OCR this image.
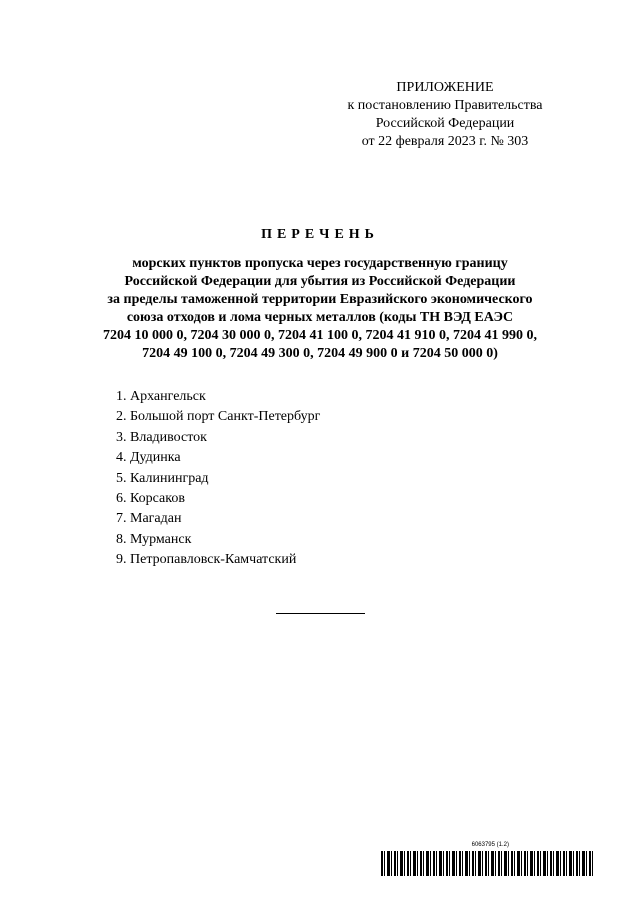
ПРИЛОЖЕНИЕ
к постановлению Правительства
Российской Федерации
от 22 февраля 2023 г. № 303
ПЕРЕЧЕНЬ
морских пунктов пропуска через государственную границу
Российской Федерации для убытия из Российской Федерации
за пределы таможенной территории Евразийского экономического
союза отходов и лома черных металлов (коды ТН ВЭД ЕАЭС
7204 10 000 0, 7204 30 000 0, 7204 41 100 0, 7204 41 910 0, 7204 41 990 0,
7204 49 100 0, 7204 49 300 0, 7204 49 900 0 и 7204 50 000 0)
1. Архангельск
2. Большой порт Санкт-Петербург
3. Владивосток
4. Дудинка
5. Калининград
6. Корсаков
7. Магадан
8. Мурманск
9. Петропавловск-Камчатский
6063795 (1.2)
